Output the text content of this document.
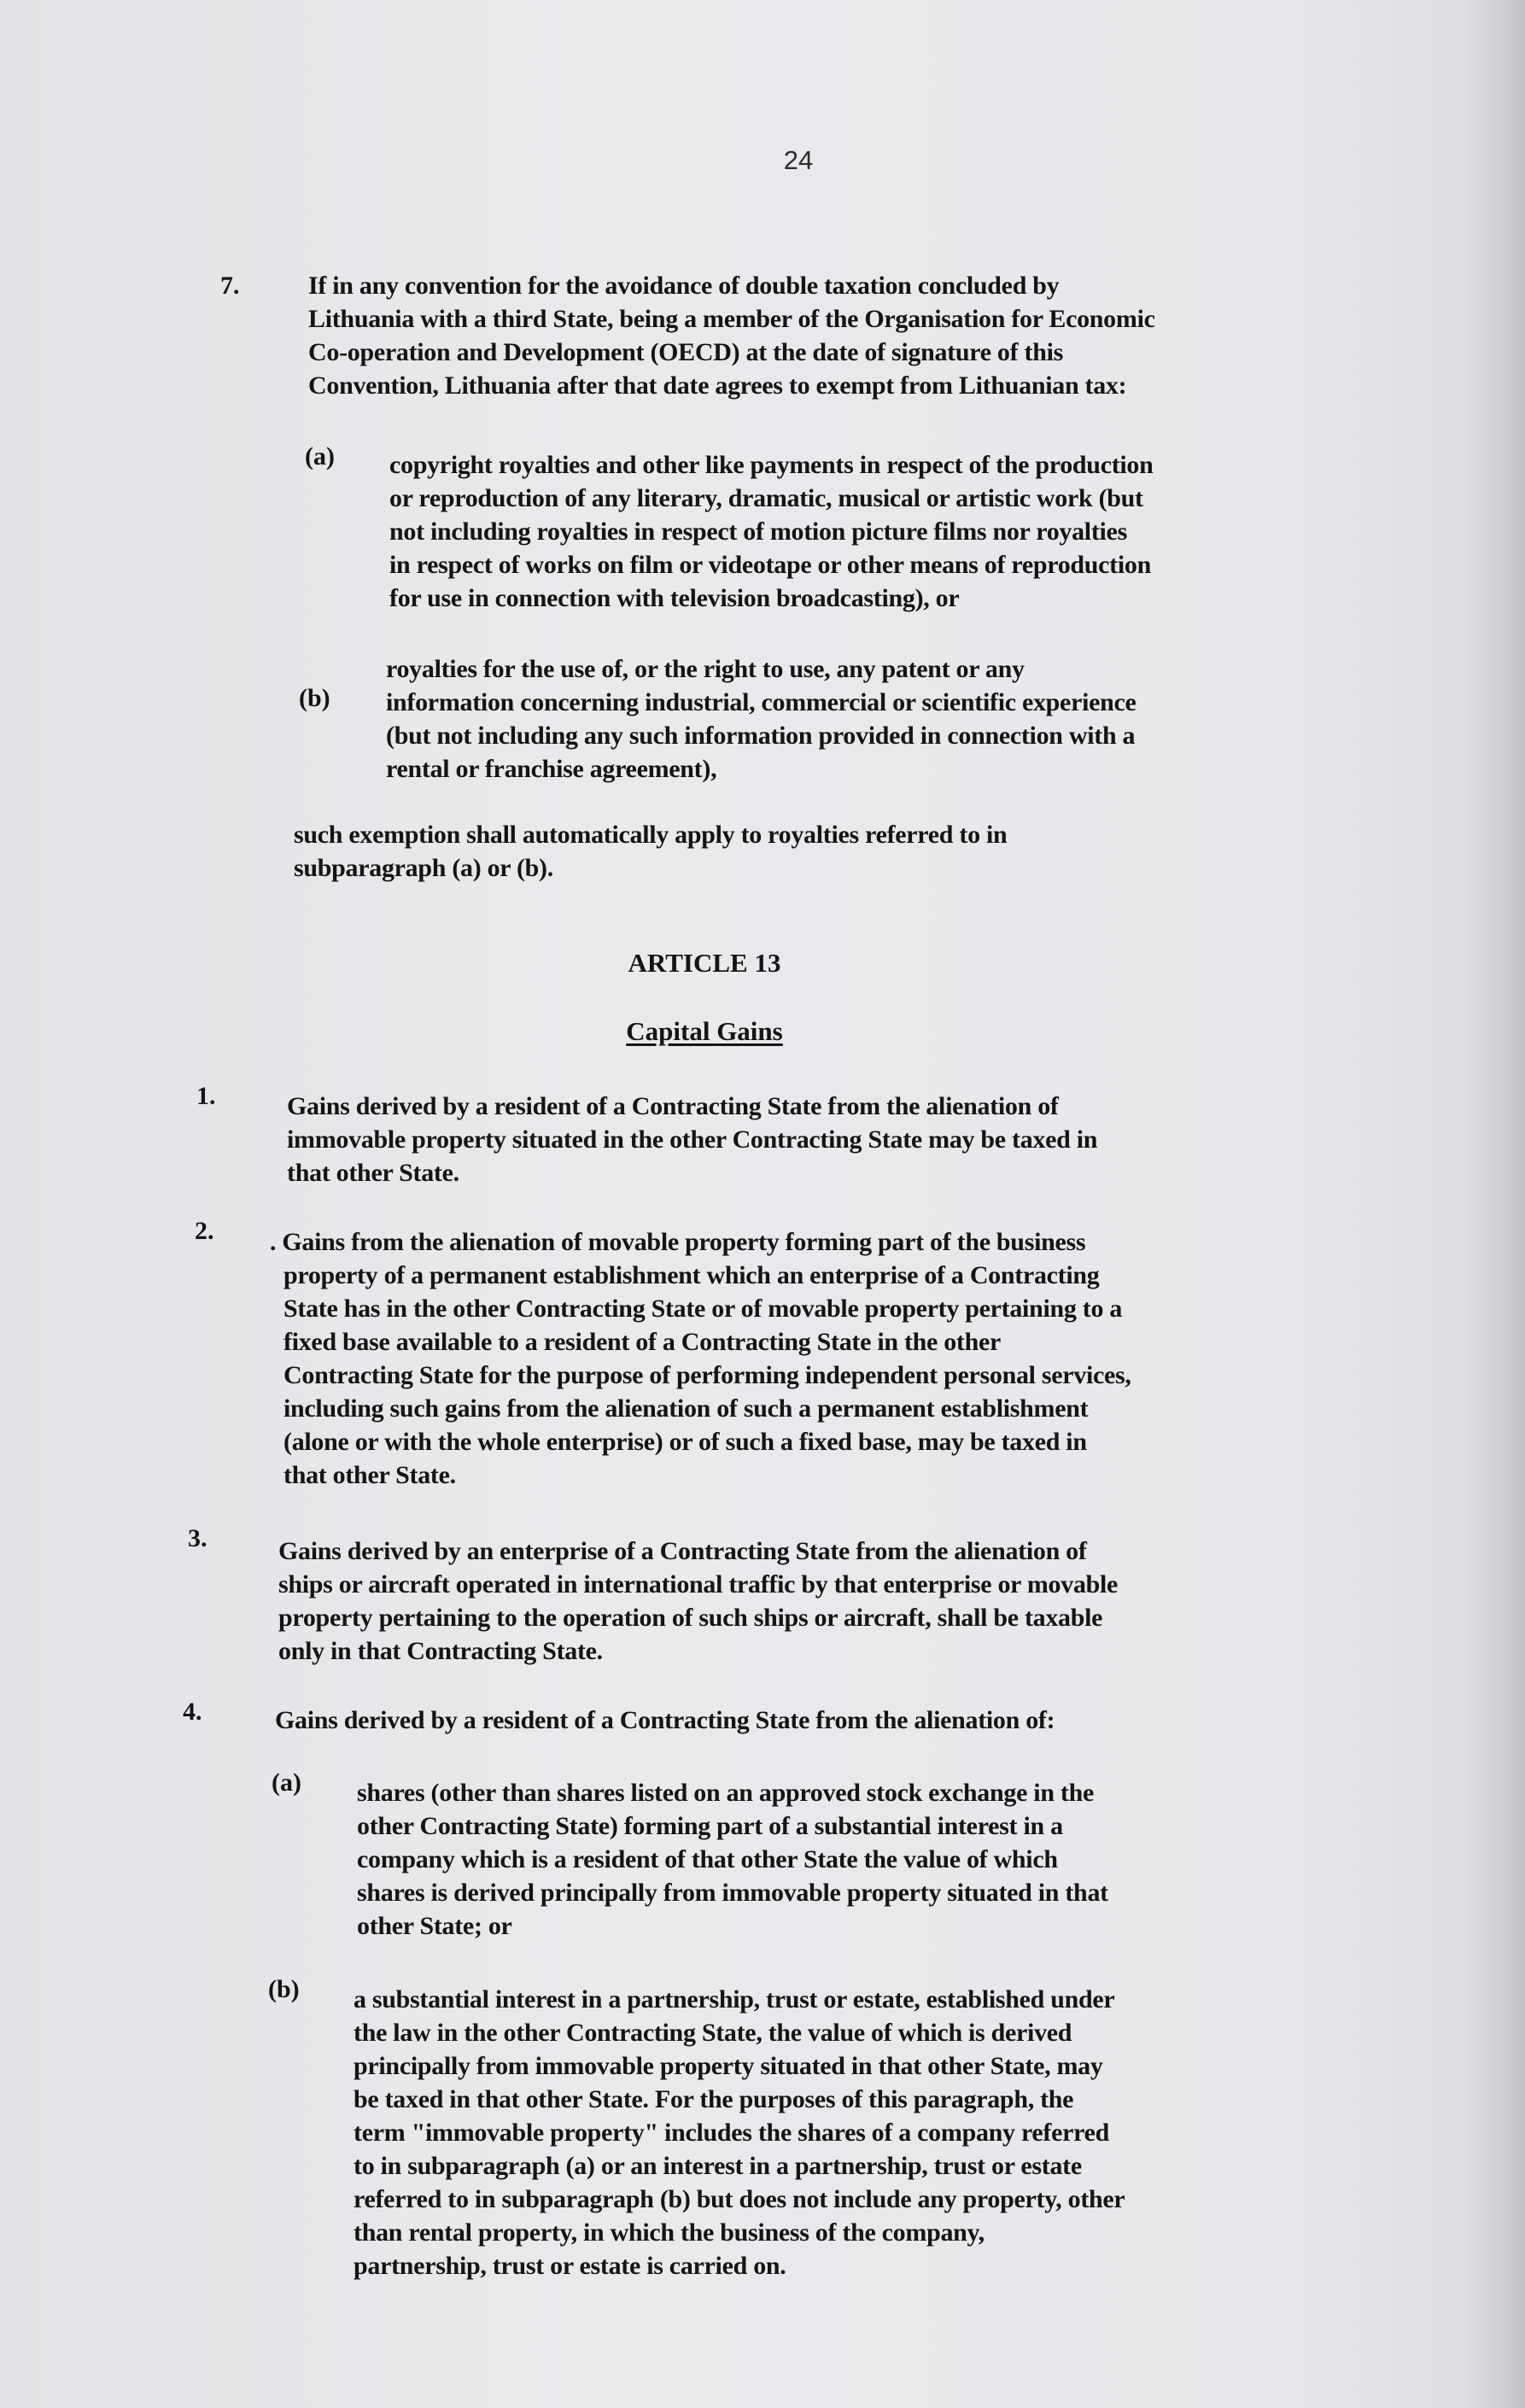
24
7.	If in any convention for the avoidance of double taxation concluded by
Lithuania with a third State, being a member of the Organisation for Economic
Co-operation and Development (OECD) at the date of signature of this
Convention, Lithuania after that date agrees to exempt from Lithuanian tax:
(a) copyright royalties and other like payments in respect of the production
or reproduction of any literary, dramatic, musical or artistic work (but
not including royalties in respect of motion picture films nor royalties
in respect of works on film or videotape or other means of reproduction
for use in connection with television broadcasting), or
(b)
royalties for the use of, or the right to use, any patent or any
information concerning industrial, commercial or scientific experience
(but not including any such information provided in connection with a
rental or franchise agreement),
such exemption shall automatically apply to royalties referred to in
subparagraph (a) or (b).
ARTICLE 13
Capital Gains
1.	Gains derived by a resident of a Contracting State from the alienation of
immovable property situated in the other Contracting State may be taxed in
that other State.
2. . Gains from the alienation of movable property forming part of the business
property of a permanent establishment which an enterprise of a Contracting
State has in the other Contracting State or of movable property pertaining to a
fixed base available to a resident of a Contracting State in the other
Contracting State for the purpose of performing independent personal services,
including such gains from the alienation of such a permanent establishment
(alone or with the whole enterprise) or of such a fixed base, may be taxed in
that other State.
3.	Gains derived by an enterprise of a Contracting State from the alienation of
ships or aircraft operated in international traffic by that enterprise or movable
property pertaining to the operation of such ships or aircraft, shall be taxable
only in that Contracting State.
4.	Gains derived by a resident of a Contracting State from the alienation of:
(a) shares (other than shares listed on an approved stock exchange in the
other Contracting State) forming part of a substantial interest in a
company which is a resident of that other State the value of which
shares is derived principally from immovable property situated in that
other State; or
(b) a substantial interest in a partnership, trust or estate, established under
the law in the other Contracting State, the value of which is derived
principally from immovable property situated in that other State, may
be taxed in that other State. For the purposes of this paragraph, the
term "immovable property" includes the shares of a company referred
to in subparagraph (a) or an interest in a partnership, trust or estate
referred to in subparagraph (b) but does not include any property, other
than rental property, in which the business of the company,
partnership, trust or estate is carried on.
